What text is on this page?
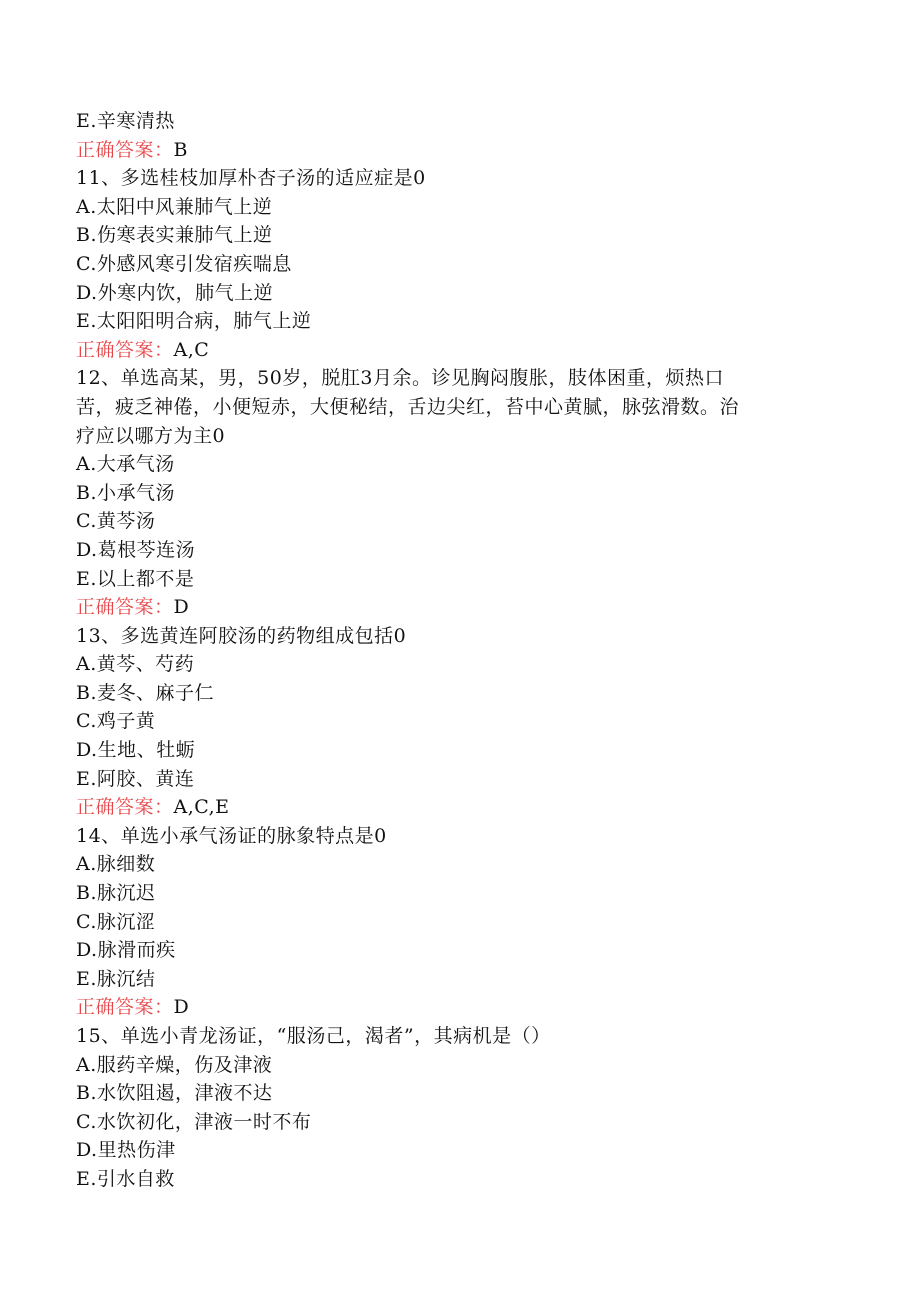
E.辛寒清热
正确答案：B
11、多选桂枝加厚朴杏子汤的适应症是0
A.太阳中风兼肺气上逆
B.伤寒表实兼肺气上逆
C.外感风寒引发宿疾喘息
D.外寒内饮，肺气上逆
E.太阳阳明合病，肺气上逆
正确答案：A,C
12、单选高某，男，50岁，脱肛3月余。诊见胸闷腹胀，肢体困重，烦热口
苦，疲乏神倦，小便短赤，大便秘结，舌边尖红，苔中心黄腻，脉弦滑数。治
疗应以哪方为主0
A.大承气汤
B.小承气汤
C.黄芩汤
D.葛根芩连汤
E.以上都不是
正确答案：D
13、多选黄连阿胶汤的药物组成包括0
A.黄芩、芍药
B.麦冬、麻子仁
C.鸡子黄
D.生地、牡蛎
E.阿胶、黄连
正确答案：A,C,E
14、单选小承气汤证的脉象特点是0
A.脉细数
B.脉沉迟
C.脉沉涩
D.脉滑而疾
E.脉沉结
正确答案：D
15、单选小青龙汤证，“服汤己，渴者”，其病机是（）
A.服药辛燥，伤及津液
B.水饮阻遏，津液不达
C.水饮初化，津液一时不布
D.里热伤津
E.引水自救
